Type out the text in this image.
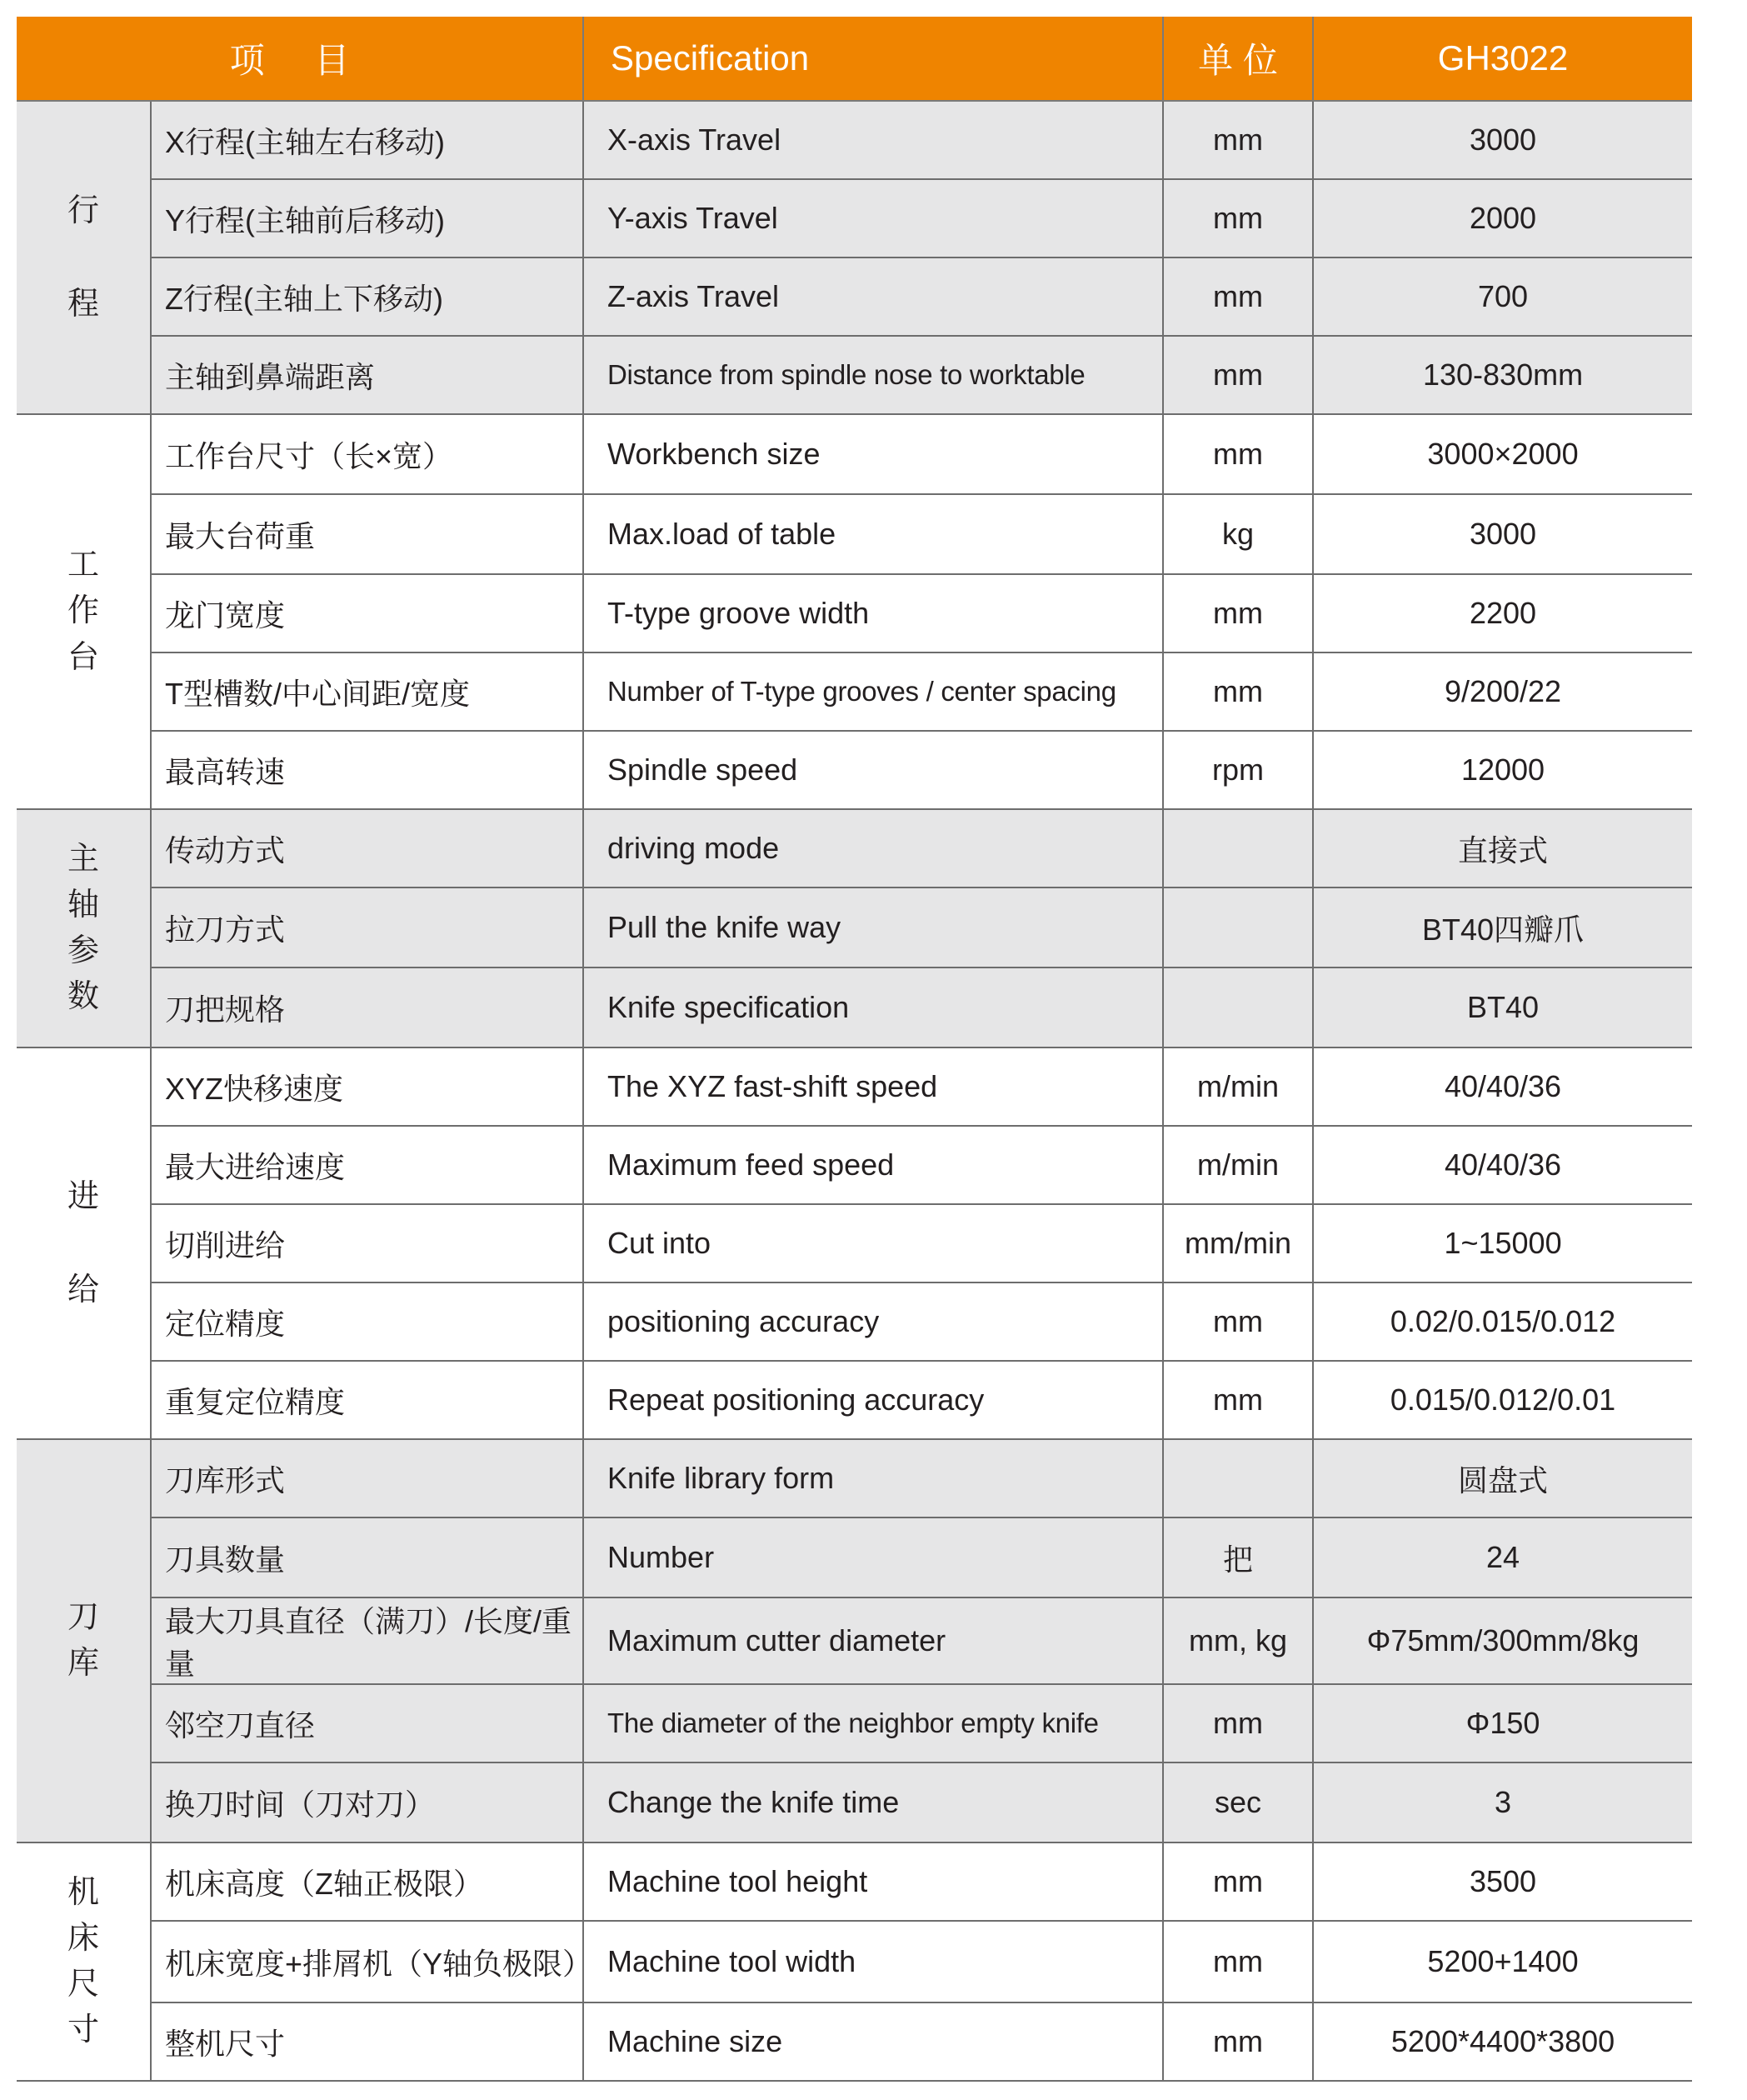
项 目		Specification	单 位	GH3022
行程	X行程(主轴左右移动)	X-axis Travel	mm	3000
	Y行程(主轴前后移动)	Y-axis Travel	mm	2000
	Z行程(主轴上下移动)	Z-axis Travel	mm	700
	主轴到鼻端距离	Distance from spindle nose to worktable	mm	130-830mm
工作台	工作台尺寸（长×宽）	Workbench size	mm	3000×2000
	最大台荷重	Max.load of table	kg	3000
	龙门宽度	T-type groove width	mm	2200
	T型槽数/中心间距/宽度	Number of T-type grooves / center spacing	mm	9/200/22
	最高转速	Spindle speed	rpm	12000
主轴参数	传动方式	driving mode		直接式
	拉刀方式	Pull the knife way		BT40四瓣爪
	刀把规格	Knife specification		BT40
进给	XYZ快移速度	The XYZ fast-shift speed	m/min	40/40/36
	最大进给速度	Maximum feed speed	m/min	40/40/36
	切削进给	Cut into	mm/min	1~15000
	定位精度	positioning accuracy	mm	0.02/0.015/0.012
	重复定位精度	Repeat positioning accuracy	mm	0.015/0.012/0.01
刀库	刀库形式	Knife library form		圆盘式
	刀具数量	Number	把	24
	最大刀具直径（满刀）/长度/重量	Maximum cutter diameter	mm, kg	Φ75mm/300mm/8kg
	邻空刀直径	The diameter of the neighbor empty knife	mm	Φ150
	换刀时间（刀对刀）	Change the knife time	sec	3
机床尺寸	机床高度（Z轴正极限）	Machine tool height	mm	3500
	机床宽度+排屑机（Y轴负极限）	Machine tool width	mm	5200+1400
	整机尺寸	Machine size	mm	5200*4400*3800
